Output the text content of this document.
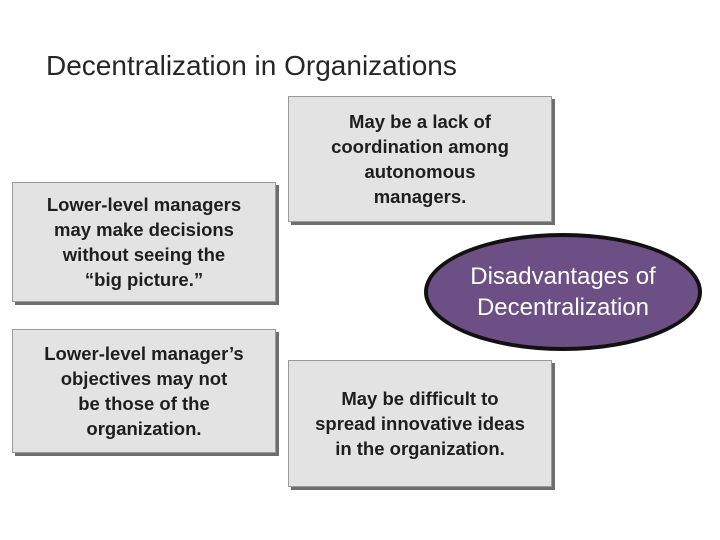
Decentralization in Organizations
May be a lack of
coordination among
autonomous
managers.
Lower-level managers
may make decisions
without seeing the
“big picture.”
Lower-level manager’s
objectives may not
be those of the
organization.
May be difficult to
spread innovative ideas
in the organization.
Disadvantages of
Decentralization
